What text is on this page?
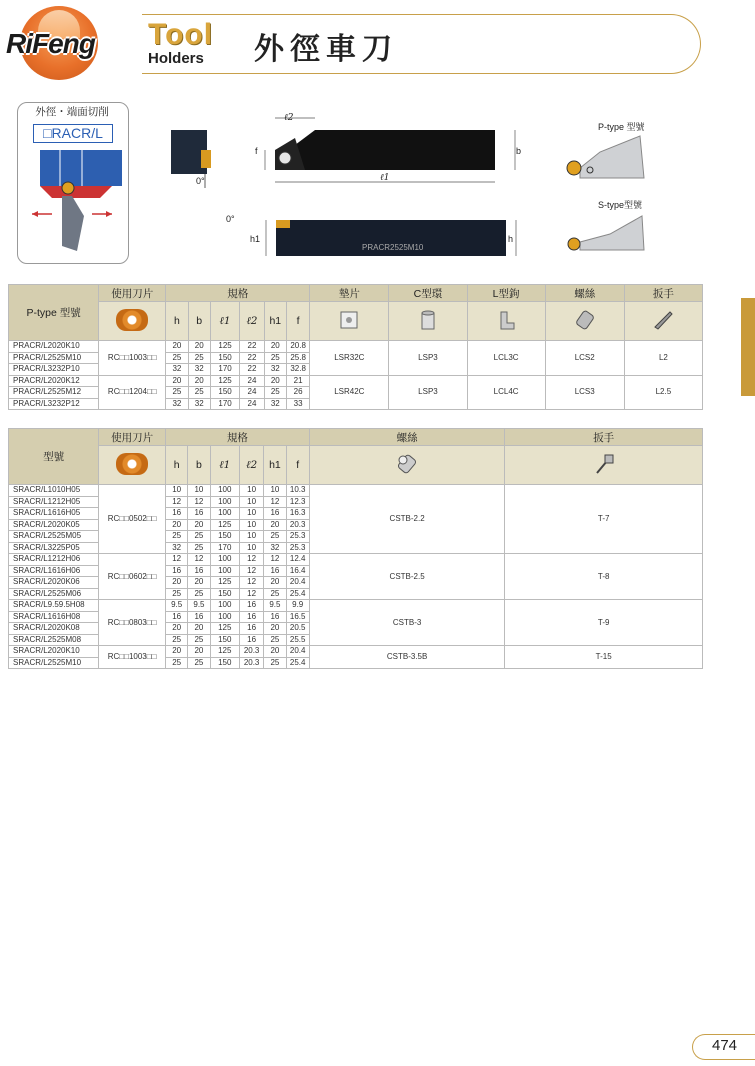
RiFeng Tool
Holders 外徑車刀
外徑・端面切削
□RACR/L
0°
ℓ2
f	b
ℓ1
0°
h1	h
PRACR2525M10
P-type 型號
S-type型號
P-type 型號	使用刀片	規格						墊片	C型環	L型鉤	螺絲	扳手
		h	b	ℓ1	ℓ2	h1	f					
PRACR/L2020K10	RC□□1003□□	20	20	125	22	20	20.8	LSR32C	LSP3	LCL3C	LCS2	L2
PRACR/L2525M10		25	25	150	22	25	25.8					
PRACR/L3232P10		32	32	170	22	32	32.8					
PRACR/L2020K12	RC□□1204□□	20	20	125	24	20	21	LSR42C	LSP3	LCL4C	LCS3	L2.5
PRACR/L2525M12		25	25	150	24	25	26					
PRACR/L3232P12		32	32	170	24	32	33					
型號	使用刀片	規格						螺絲	扳手
		h	b	ℓ1	ℓ2	h1	f		
SRACR/L1010H05	RC□□0502□□	10	10	100	10	10	10.3	CSTB-2.2	T-7
SRACR/L1212H05		12	12	100	10	12	12.3		
SRACR/L1616H05		16	16	100	10	16	16.3		
SRACR/L2020K05		20	20	125	10	20	20.3		
SRACR/L2525M05		25	25	150	10	25	25.3		
SRACR/L3225P05		32	25	170	10	32	25.3		
SRACR/L1212H06	RC□□0602□□	12	12	100	12	12	12.4	CSTB-2.5	T-8
SRACR/L1616H06		16	16	100	12	16	16.4		
SRACR/L2020K06		20	20	125	12	20	20.4		
SRACR/L2525M06		25	25	150	12	25	25.4		
SRACR/L9.59.5H08	RC□□0803□□	9.5	9.5	100	16	9.5	9.9	CSTB-3	T-9
SRACR/L1616H08		16	16	100	16	16	16.5		
SRACR/L2020K08		20	20	125	16	20	20.5		
SRACR/L2525M08		25	25	150	16	25	25.5		
SRACR/L2020K10	RC□□1003□□	20	20	125	20.3	20	20.4	CSTB-3.5B	T-15
SRACR/L2525M10		25	25	150	20.3	25	25.4		
474
